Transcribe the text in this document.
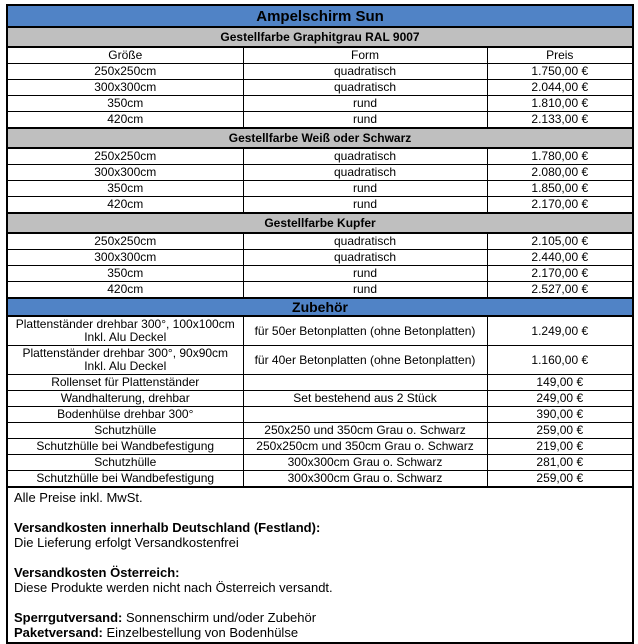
Ampelschirm Sun		
Gestellfarbe Graphitgrau RAL 9007		
Größe	Form	Preis
250x250cm	quadratisch	1.750,00 €
300x300cm	quadratisch	2.044,00 €
350cm	rund	1.810,00 €
420cm	rund	2.133,00 €
Gestellfarbe Weiß oder Schwarz		
250x250cm	quadratisch	1.780,00 €
300x300cm	quadratisch	2.080,00 €
350cm	rund	1.850,00 €
420cm	rund	2.170,00 €
Gestellfarbe Kupfer		
250x250cm	quadratisch	2.105,00 €
300x300cm	quadratisch	2.440,00 €
350cm	rund	2.170,00 €
420cm	rund	2.527,00 €
Zubehör		

Plattenständer drehbar 300°, 100x100cm
Inkl. Alu Deckel	für 50er Betonplatten (ohne Betonplatten)	1.249,00 €

Plattenständer drehbar 300°, 90x90cm
Inkl. Alu Deckel	für 40er Betonplatten (ohne Betonplatten)	1.160,00 €
Rollenset für Plattenständer		149,00 €
Wandhalterung, drehbar	Set bestehend aus 2 Stück	249,00 €
Bodenhülse drehbar 300°		390,00 €
Schutzhülle	250x250 und 350cm Grau o. Schwarz	259,00 €
Schutzhülle bei Wandbefestigung	250x250cm und 350cm Grau o. Schwarz	219,00 €
Schutzhülle	300x300cm Grau o. Schwarz	281,00 €
Schutzhülle bei Wandbefestigung	300x300cm Grau o. Schwarz	259,00 €

Alle Preise inkl. MwSt.
Versandkosten innerhalb Deutschland (Festland):
Die Lieferung erfolgt Versandkostenfrei
Versandkosten Österreich:
Diese Produkte werden nicht nach Österreich versandt.
Sperrgutversand: Sonnenschirm und/oder Zubehör
Paketversand: Einzelbestellung von Bodenhülse
